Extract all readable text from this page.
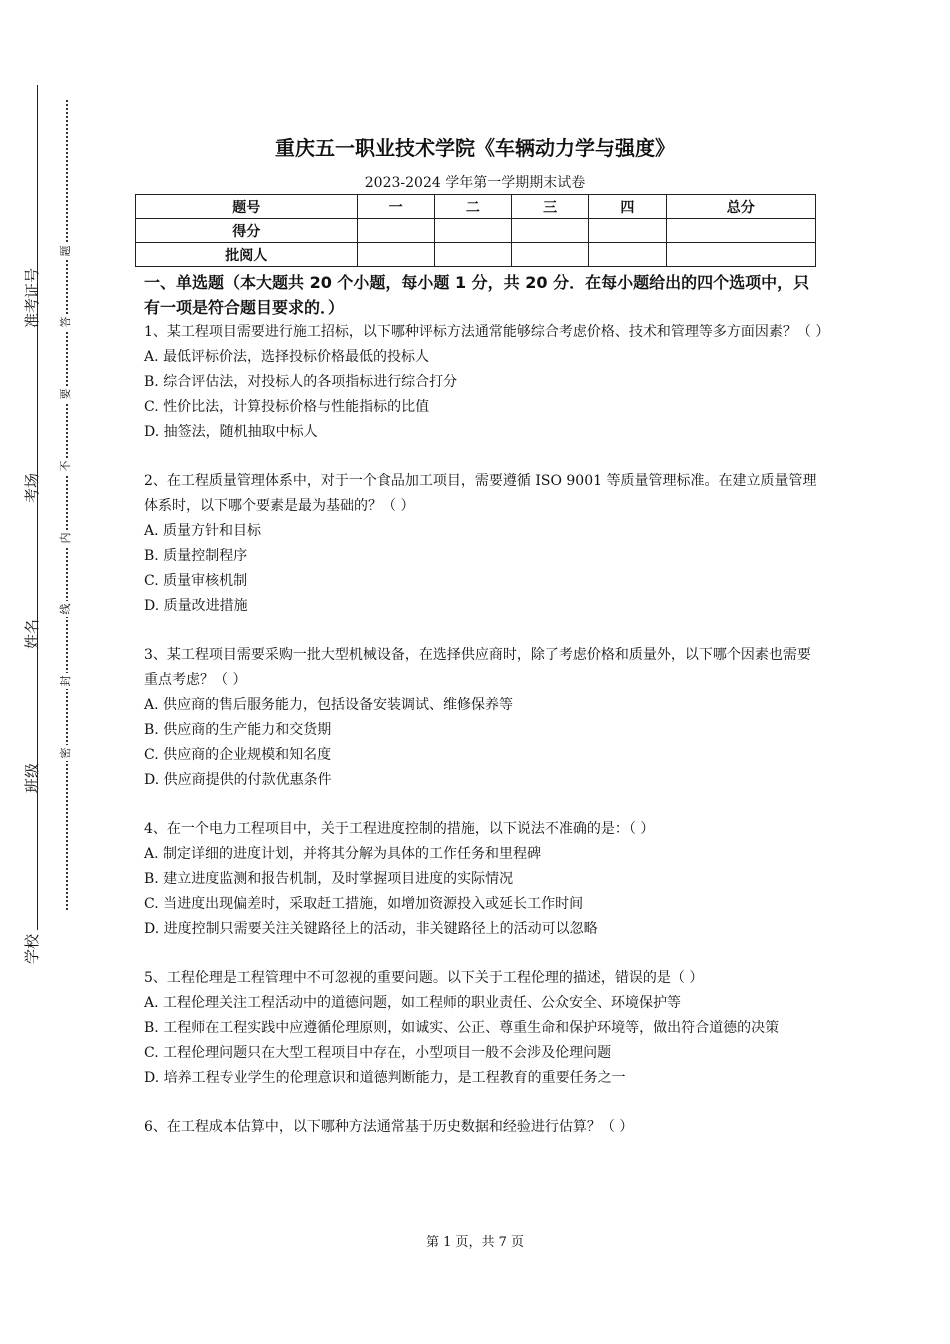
准考证号
考场
姓名
班级
学校
题
答
要
不
内
线
封
密
重庆五一职业技术学院《车辆动力学与强度》
2023-2024 学年第一学期期末试卷
题号	一	二	三	四	总分
得分					
批阅人					

一、单选题（本大题共 20 个小题，每小题 1 分，共 20 分．在每小题给出的四个选项中，只有一项是符合题目要求的．）

1、某工程项目需要进行施工招标，以下哪种评标方法通常能够综合考虑价格、技术和管理等多方面因素？（ ）

A. 最低评标价法，选择投标价格最低的投标人

B. 综合评估法，对投标人的各项指标进行综合打分

C. 性价比法，计算投标价格与性能指标的比值

D. 抽签法，随机抽取中标人

2、在工程质量管理体系中，对于一个食品加工项目，需要遵循 ISO 9001 等质量管理标准。在建立质量管理体系时，以下哪个要素是最为基础的？（ ）

A. 质量方针和目标

B. 质量控制程序

C. 质量审核机制

D. 质量改进措施

3、某工程项目需要采购一批大型机械设备，在选择供应商时，除了考虑价格和质量外，以下哪个因素也需要重点考虑？（ ）

A. 供应商的售后服务能力，包括设备安装调试、维修保养等

B. 供应商的生产能力和交货期

C. 供应商的企业规模和知名度

D. 供应商提供的付款优惠条件

4、在一个电力工程项目中，关于工程进度控制的措施，以下说法不准确的是：（ ）

A. 制定详细的进度计划，并将其分解为具体的工作任务和里程碑

B. 建立进度监测和报告机制，及时掌握项目进度的实际情况

C. 当进度出现偏差时，采取赶工措施，如增加资源投入或延长工作时间

D. 进度控制只需要关注关键路径上的活动，非关键路径上的活动可以忽略

5、工程伦理是工程管理中不可忽视的重要问题。以下关于工程伦理的描述，错误的是（ ）

A. 工程伦理关注工程活动中的道德问题，如工程师的职业责任、公众安全、环境保护等

B. 工程师在工程实践中应遵循伦理原则，如诚实、公正、尊重生命和保护环境等，做出符合道德的决策

C. 工程伦理问题只在大型工程项目中存在，小型项目一般不会涉及伦理问题

D. 培养工程专业学生的伦理意识和道德判断能力，是工程教育的重要任务之一

6、在工程成本估算中，以下哪种方法通常基于历史数据和经验进行估算？（ ）

第 1 页，共 7 页
